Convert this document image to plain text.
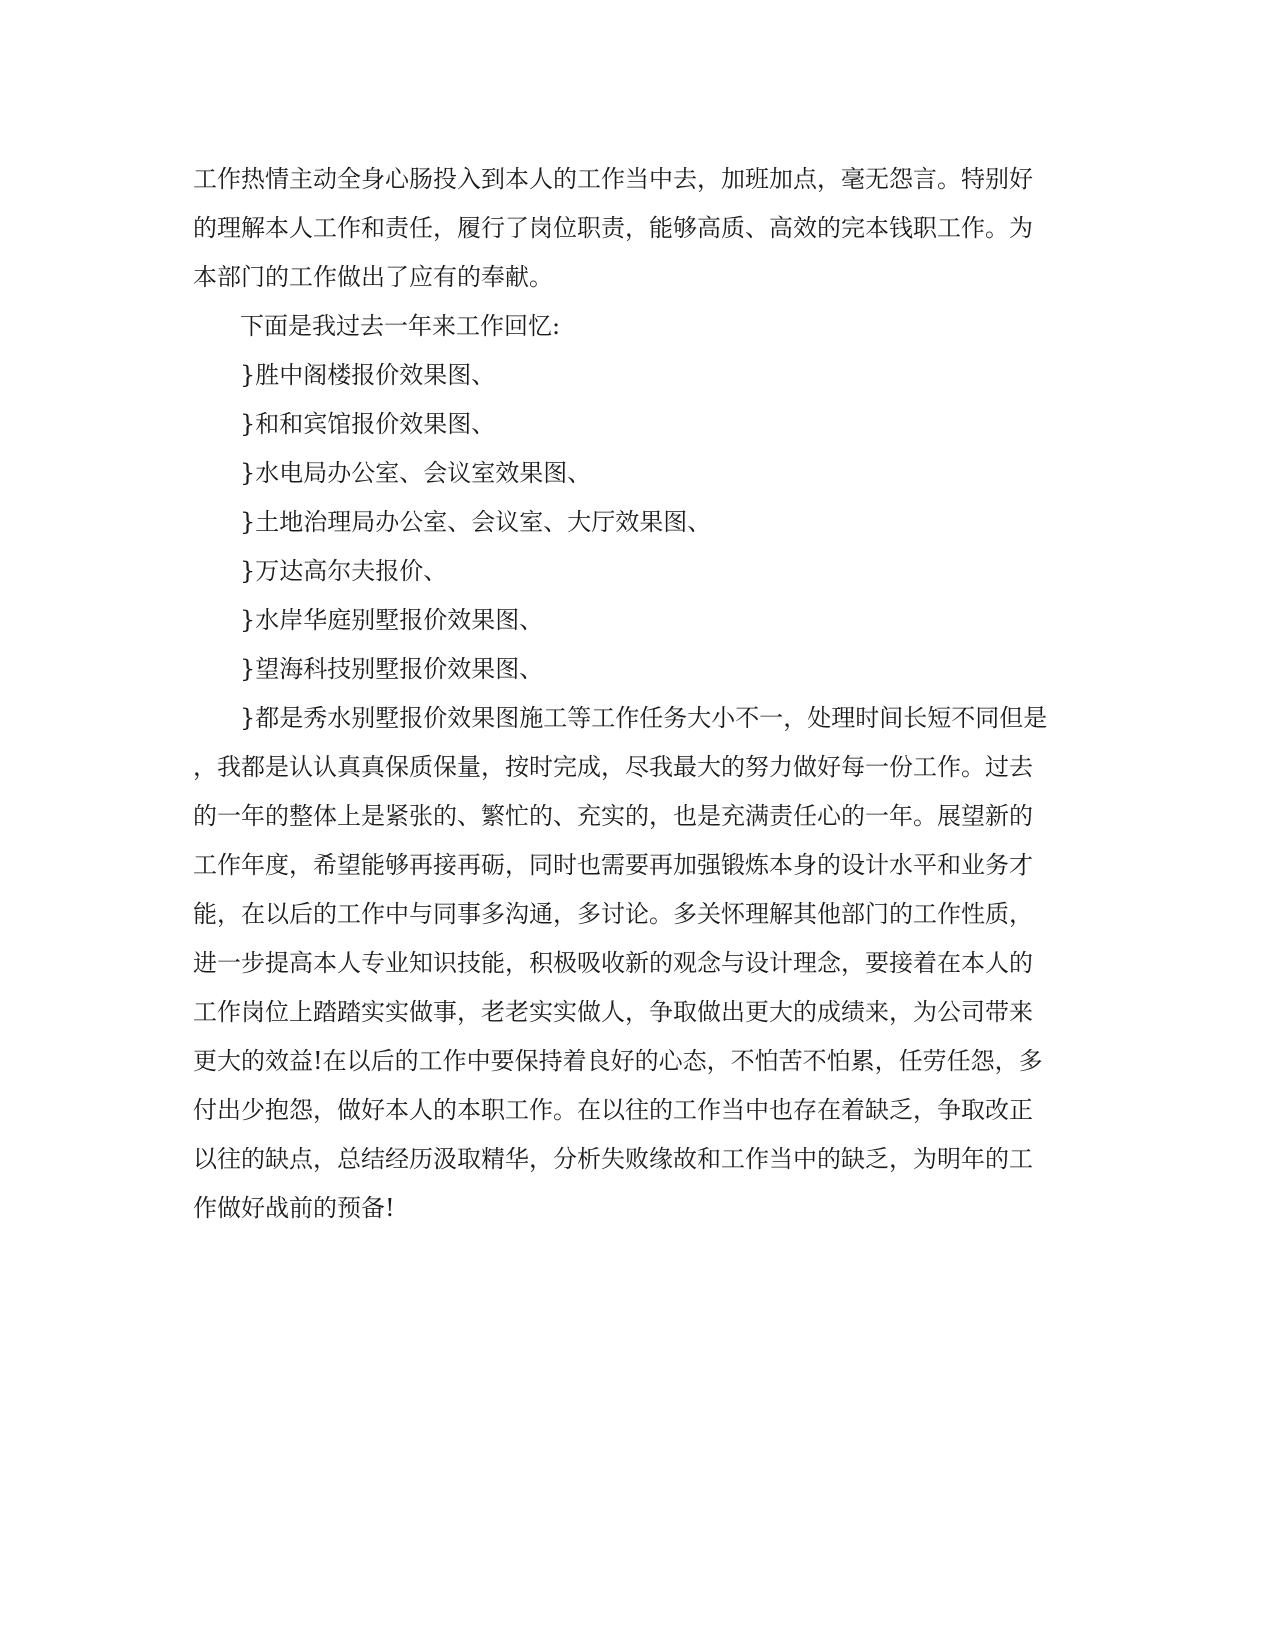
工作热情主动全身心肠投入到本人的工作当中去，加班加点，毫无怨言。特别好
的理解本人工作和责任，履行了岗位职责，能够高质、高效的完本钱职工作。为
本部门的工作做出了应有的奉献。
下面是我过去一年来工作回忆:
}胜中阁楼报价效果图、
}和和宾馆报价效果图、
}水电局办公室、会议室效果图、
}土地治理局办公室、会议室、大厅效果图、
}万达高尔夫报价、
}水岸华庭别墅报价效果图、
}望海科技别墅报价效果图、
}都是秀水别墅报价效果图施工等工作任务大小不一，处理时间长短不同但是
，我都是认认真真保质保量，按时完成，尽我最大的努力做好每一份工作。过去
的一年的整体上是紧张的、繁忙的、充实的，也是充满责任心的一年。展望新的
工作年度，希望能够再接再砺，同时也需要再加强锻炼本身的设计水平和业务才
能，在以后的工作中与同事多沟通，多讨论。多关怀理解其他部门的工作性质，
进一步提高本人专业知识技能，积极吸收新的观念与设计理念，要接着在本人的
工作岗位上踏踏实实做事，老老实实做人，争取做出更大的成绩来，为公司带来
更大的效益!在以后的工作中要保持着良好的心态，不怕苦不怕累，任劳任怨，多
付出少抱怨，做好本人的本职工作。在以往的工作当中也存在着缺乏，争取改正
以往的缺点，总结经历汲取精华，分析失败缘故和工作当中的缺乏，为明年的工
作做好战前的预备!
